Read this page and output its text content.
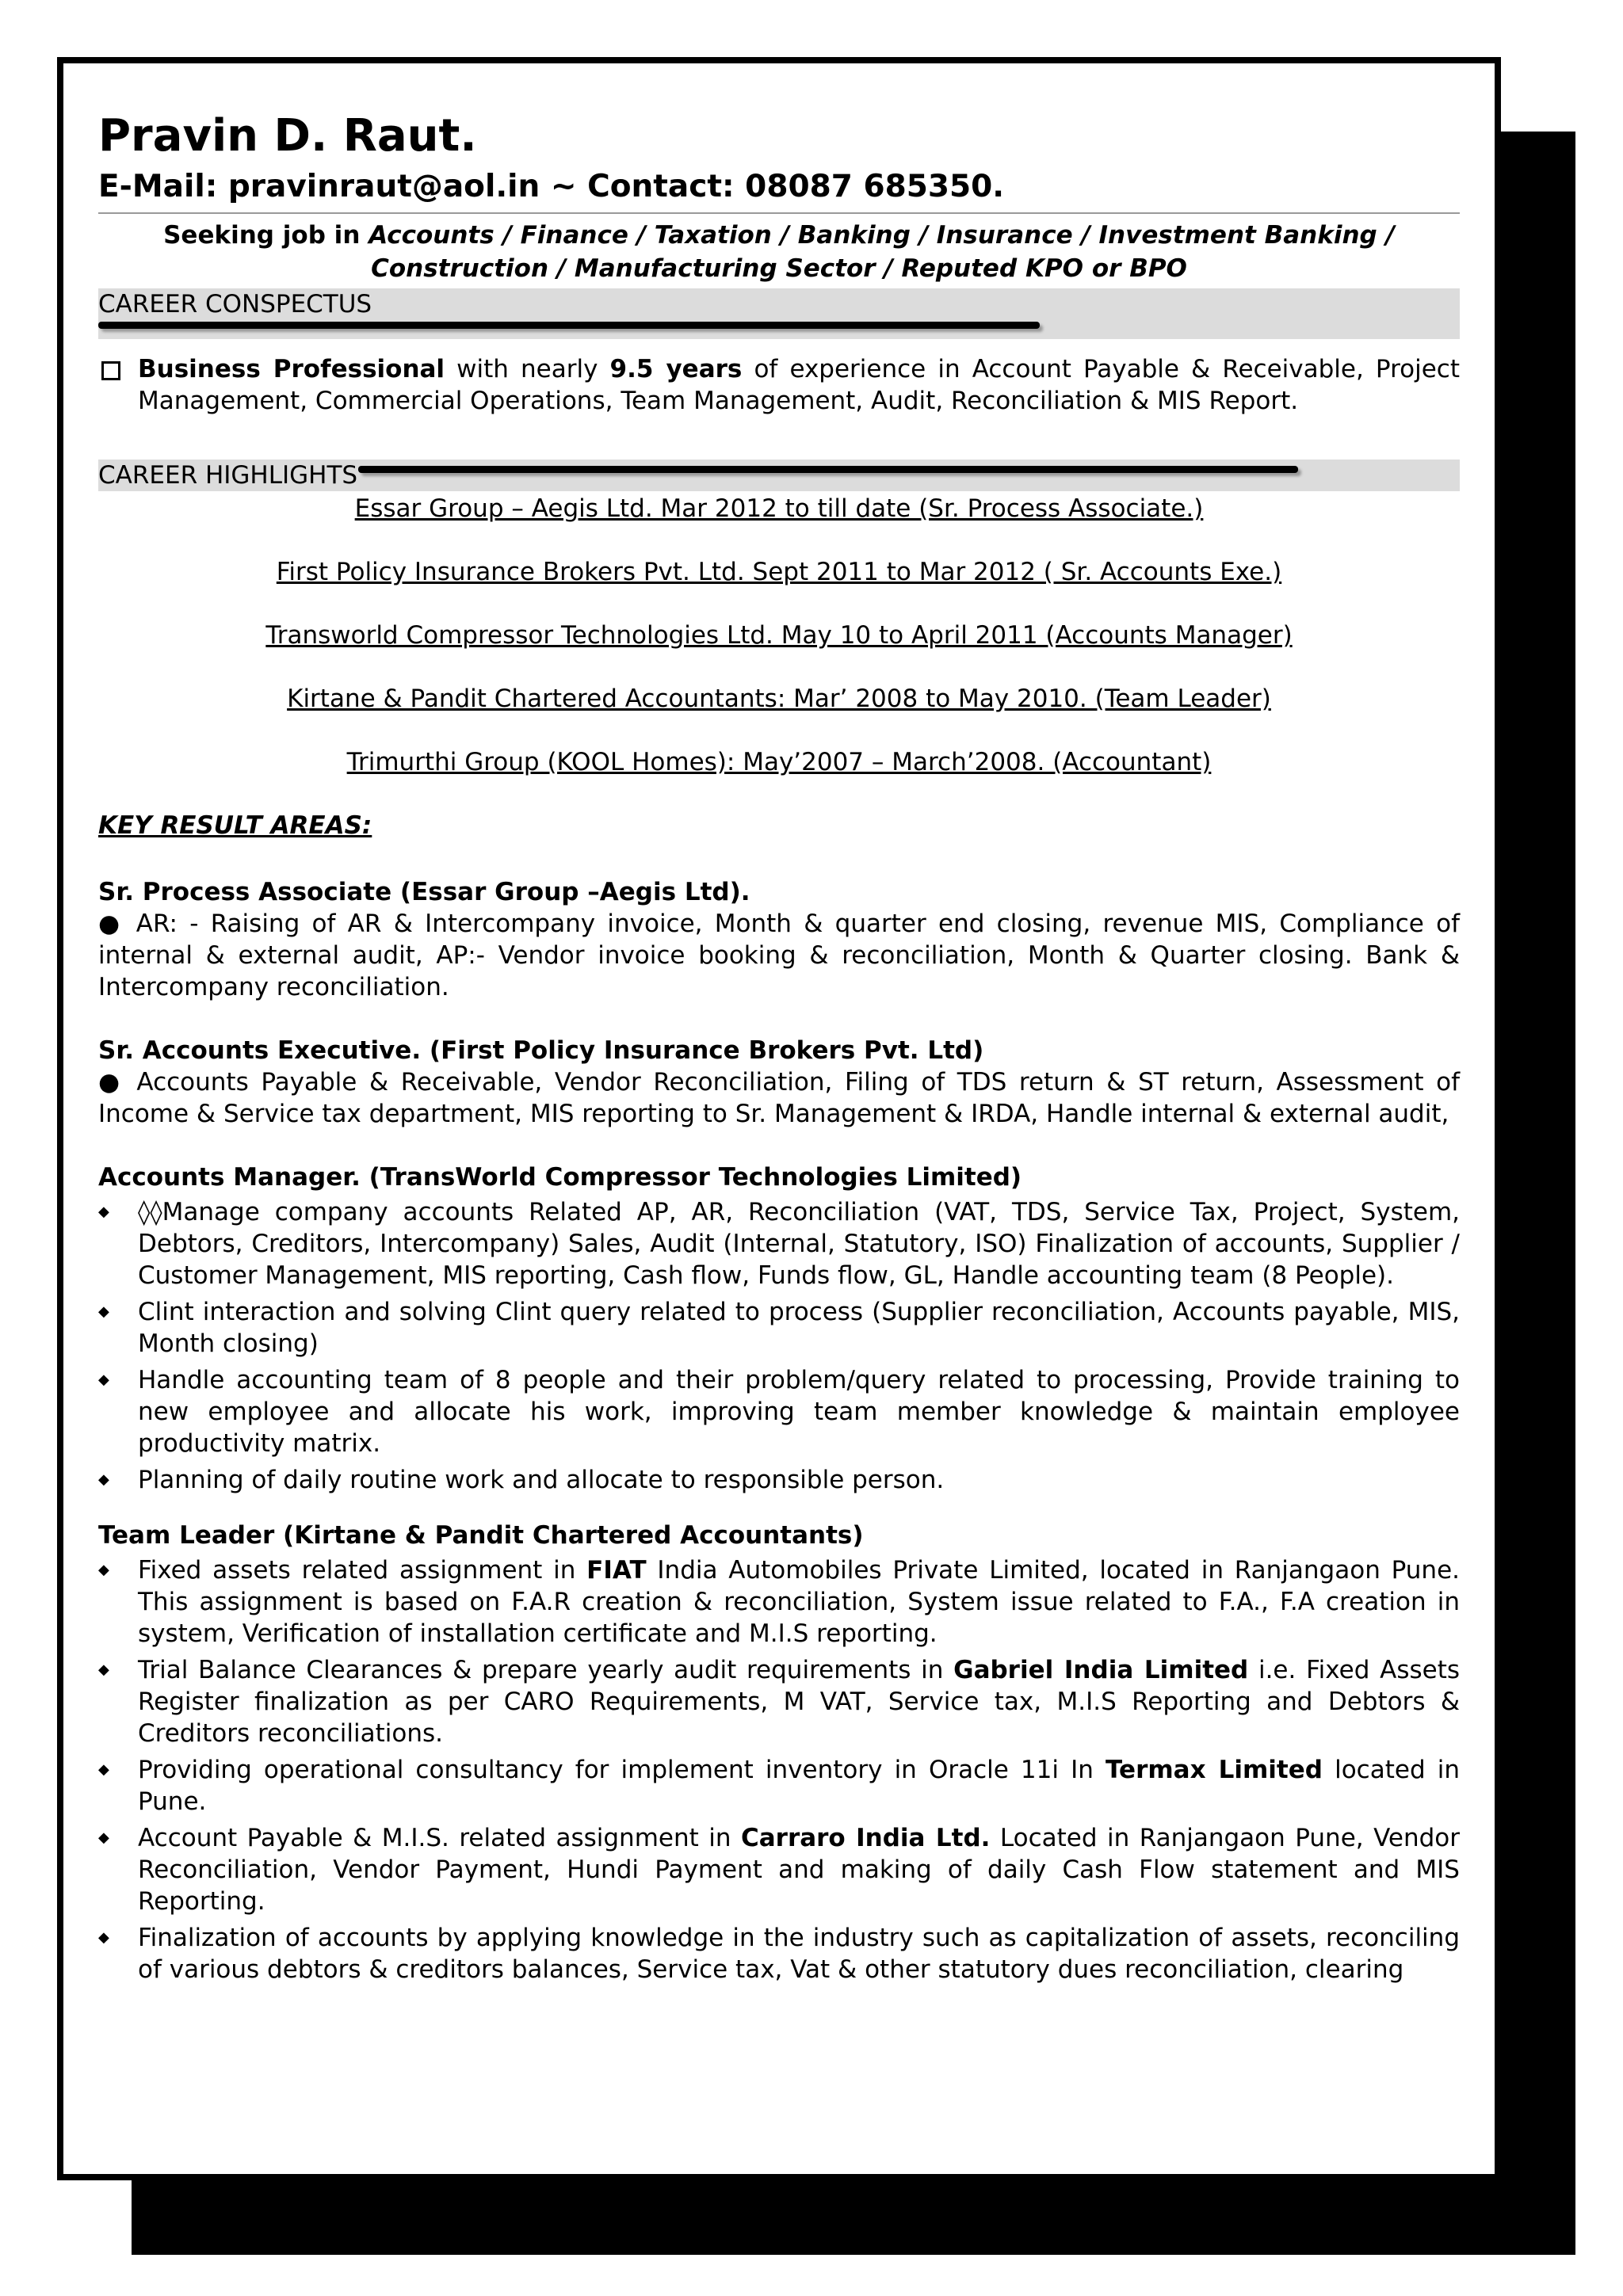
Pravin D. Raut.
E-Mail: pravinraut@aol.in ~ Contact: 08087 685350.
Seeking job in Accounts / Finance / Taxation / Banking / Insurance / Investment Banking / Construction / Manufacturing Sector / Reputed KPO or BPO
CAREER CONSPECTUS
Business Professional with nearly 9.5 years of experience in Account Payable & Receivable, Project Management, Commercial Operations, Team Management, Audit, Reconciliation & MIS Report.
CAREER HIGHLIGHTS
Essar Group – Aegis Ltd. Mar 2012 to till date (Sr. Process Associate.)
First Policy Insurance Brokers Pvt. Ltd. Sept 2011 to Mar 2012 ( Sr. Accounts Exe.)
Transworld Compressor Technologies Ltd. May 10 to April 2011 (Accounts Manager)
Kirtane & Pandit Chartered Accountants: Mar’ 2008 to May 2010. (Team Leader)
Trimurthi Group (KOOL Homes): May’2007 – March’2008. (Accountant)
KEY RESULT AREAS:
Sr. Process Associate (Essar Group –Aegis Ltd).
● AR: - Raising of AR & Intercompany invoice, Month & quarter end closing, revenue MIS, Compliance of internal & external audit, AP:- Vendor invoice booking & reconciliation, Month & Quarter closing. Bank & Intercompany reconciliation.
Sr. Accounts Executive. (First Policy Insurance Brokers Pvt. Ltd)
● Accounts Payable & Receivable, Vendor Reconciliation, Filing of TDS return & ST return, Assessment of Income & Service tax department, MIS reporting to Sr. Management & IRDA, Handle internal & external audit,
Accounts Manager. (TransWorld Compressor Technologies Limited)
◆	◊◊Manage company accounts Related AP, AR, Reconciliation (VAT, TDS, Service Tax, Project, System, Debtors, Creditors, Intercompany) Sales, Audit (Internal, Statutory, ISO) Finalization of accounts, Supplier / Customer Management, MIS reporting, Cash flow, Funds flow, GL, Handle accounting team (8 People).
◆	Clint interaction and solving Clint query related to process (Supplier reconciliation, Accounts payable, MIS, Month closing)
◆	Handle accounting team of 8 people and their problem/query related to processing, Provide training to new employee and allocate his work, improving team member knowledge & maintain employee productivity matrix.
◆	Planning of daily routine work and allocate to responsible person.
Team Leader (Kirtane & Pandit Chartered Accountants)
◆	Fixed assets related assignment in FIAT India Automobiles Private Limited, located in Ranjangaon Pune. This assignment is based on F.A.R creation & reconciliation, System issue related to F.A., F.A creation in system, Verification of installation certificate and M.I.S reporting.
◆	Trial Balance Clearances & prepare yearly audit requirements in Gabriel India Limited i.e. Fixed Assets Register finalization as per CARO Requirements, M VAT, Service tax, M.I.S Reporting and Debtors & Creditors reconciliations.
◆	Providing operational consultancy for implement inventory in Oracle 11i In Termax Limited located in Pune.
◆	Account Payable & M.I.S. related assignment in Carraro India Ltd. Located in Ranjangaon Pune, Vendor Reconciliation, Vendor Payment, Hundi Payment and making of daily Cash Flow statement and MIS Reporting.
◆	Finalization of accounts by applying knowledge in the industry such as capitalization of assets, reconciling of various debtors & creditors balances, Service tax, Vat & other statutory dues reconciliation, clearing
